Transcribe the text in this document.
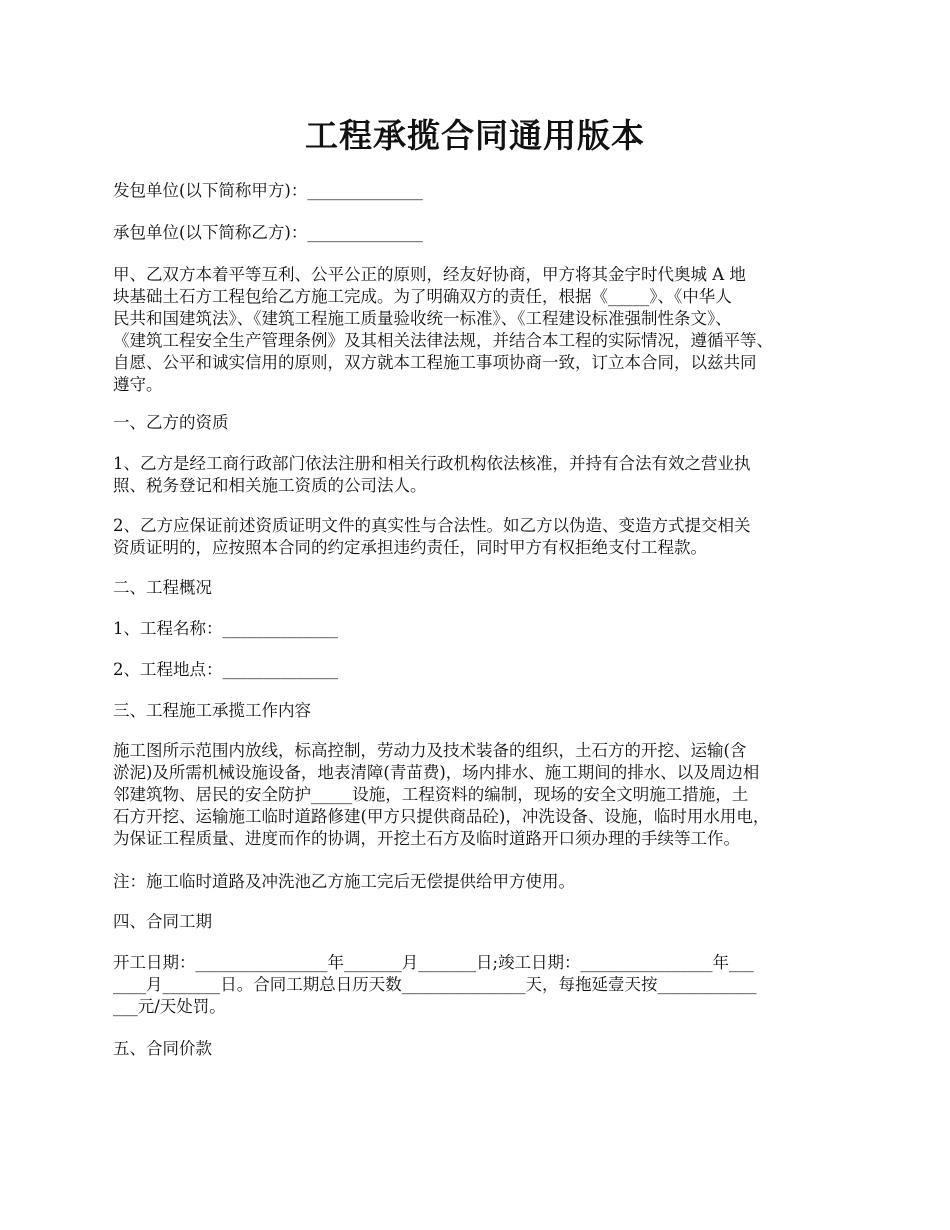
工程承揽合同通用版本
发包单位(以下简称甲方)：______________
承包单位(以下简称乙方)：______________
甲、乙双方本着平等互利、公平公正的原则，经友好协商，甲方将其金宇时代奥城 A 地
块基础土石方工程包给乙方施工完成。为了明确双方的责任，根据《_____》、《中华人
民共和国建筑法》、《建筑工程施工质量验收统一标准》、《工程建设标准强制性条文》、
《建筑工程安全生产管理条例》及其相关法律法规，并结合本工程的实际情况，遵循平等、
自愿、公平和诚实信用的原则，双方就本工程施工事项协商一致，订立本合同，以兹共同
遵守。
一、乙方的资质
1、乙方是经工商行政部门依法注册和相关行政机构依法核准，并持有合法有效之营业执
照、税务登记和相关施工资质的公司法人。
2、乙方应保证前述资质证明文件的真实性与合法性。如乙方以伪造、变造方式提交相关
资质证明的，应按照本合同的约定承担违约责任，同时甲方有权拒绝支付工程款。
二、工程概况
1、工程名称：______________
2、工程地点：______________
三、工程施工承揽工作内容
施工图所示范围内放线，标高控制，劳动力及技术装备的组织，土石方的开挖、运输(含
淤泥)及所需机械设施设备，地表清障(青苗费)，场内排水、施工期间的排水、以及周边相
邻建筑物、居民的安全防护_____设施，工程资料的编制，现场的安全文明施工措施，土
石方开挖、运输施工临时道路修建(甲方只提供商品砼)，冲洗设备、设施，临时用水用电，
为保证工程质量、进度而作的协调，开挖土石方及临时道路开口须办理的手续等工作。
注：施工临时道路及冲洗池乙方施工完后无偿提供给甲方使用。
四、合同工期
开工日期：________________年_______月_______日;竣工日期：________________年___
____月_______日。合同工期总日历天数_______________天，每拖延壹天按____________
___元/天处罚。
五、合同价款
